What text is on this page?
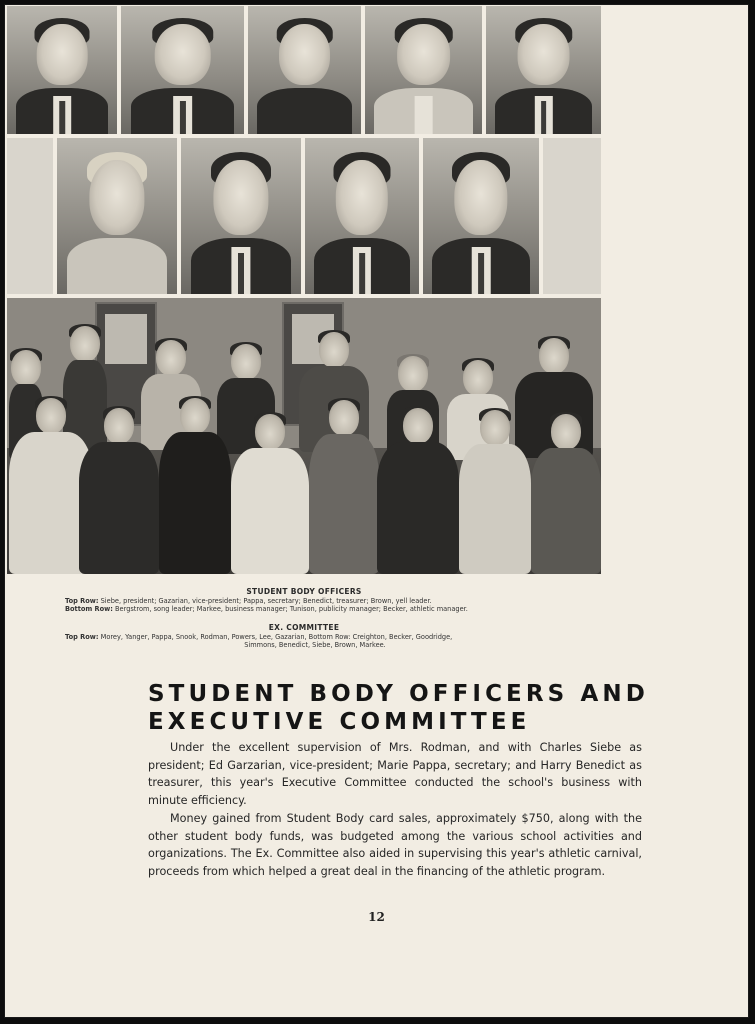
STUDENT BODY OFFICERS
Top Row: Siebe, president; Gazarian, vice-president; Pappa, secretary; Benedict, treasurer; Brown, yell leader.
Bottom Row: Bergstrom, song leader; Markee, business manager; Tunison, publicity manager; Becker, athletic manager.
EX. COMMITTEE
Top Row: Morey, Yanger, Pappa, Snook, Rodman, Powers, Lee, Gazarian, Bottom Row: Creighton, Becker, Goodridge,
Simmons, Benedict, Siebe, Brown, Markee.
STUDENT BODY OFFICERS AND
EXECUTIVE COMMITTEE

Under the excellent supervision of Mrs. Rodman, and with Charles Siebe as president; Ed Garzarian, vice-president; Marie Pappa, secretary; and Harry Benedict as treasurer, this year's Executive Committee conducted the school's business with minute efficiency.

Money gained from Student Body card sales, approximately $750, along with the other student body funds, was budgeted among the various school activities and organizations. The Ex. Committee also aided in supervising this year's athletic carnival, proceeds from which helped a great deal in the financing of the athletic program.

12
